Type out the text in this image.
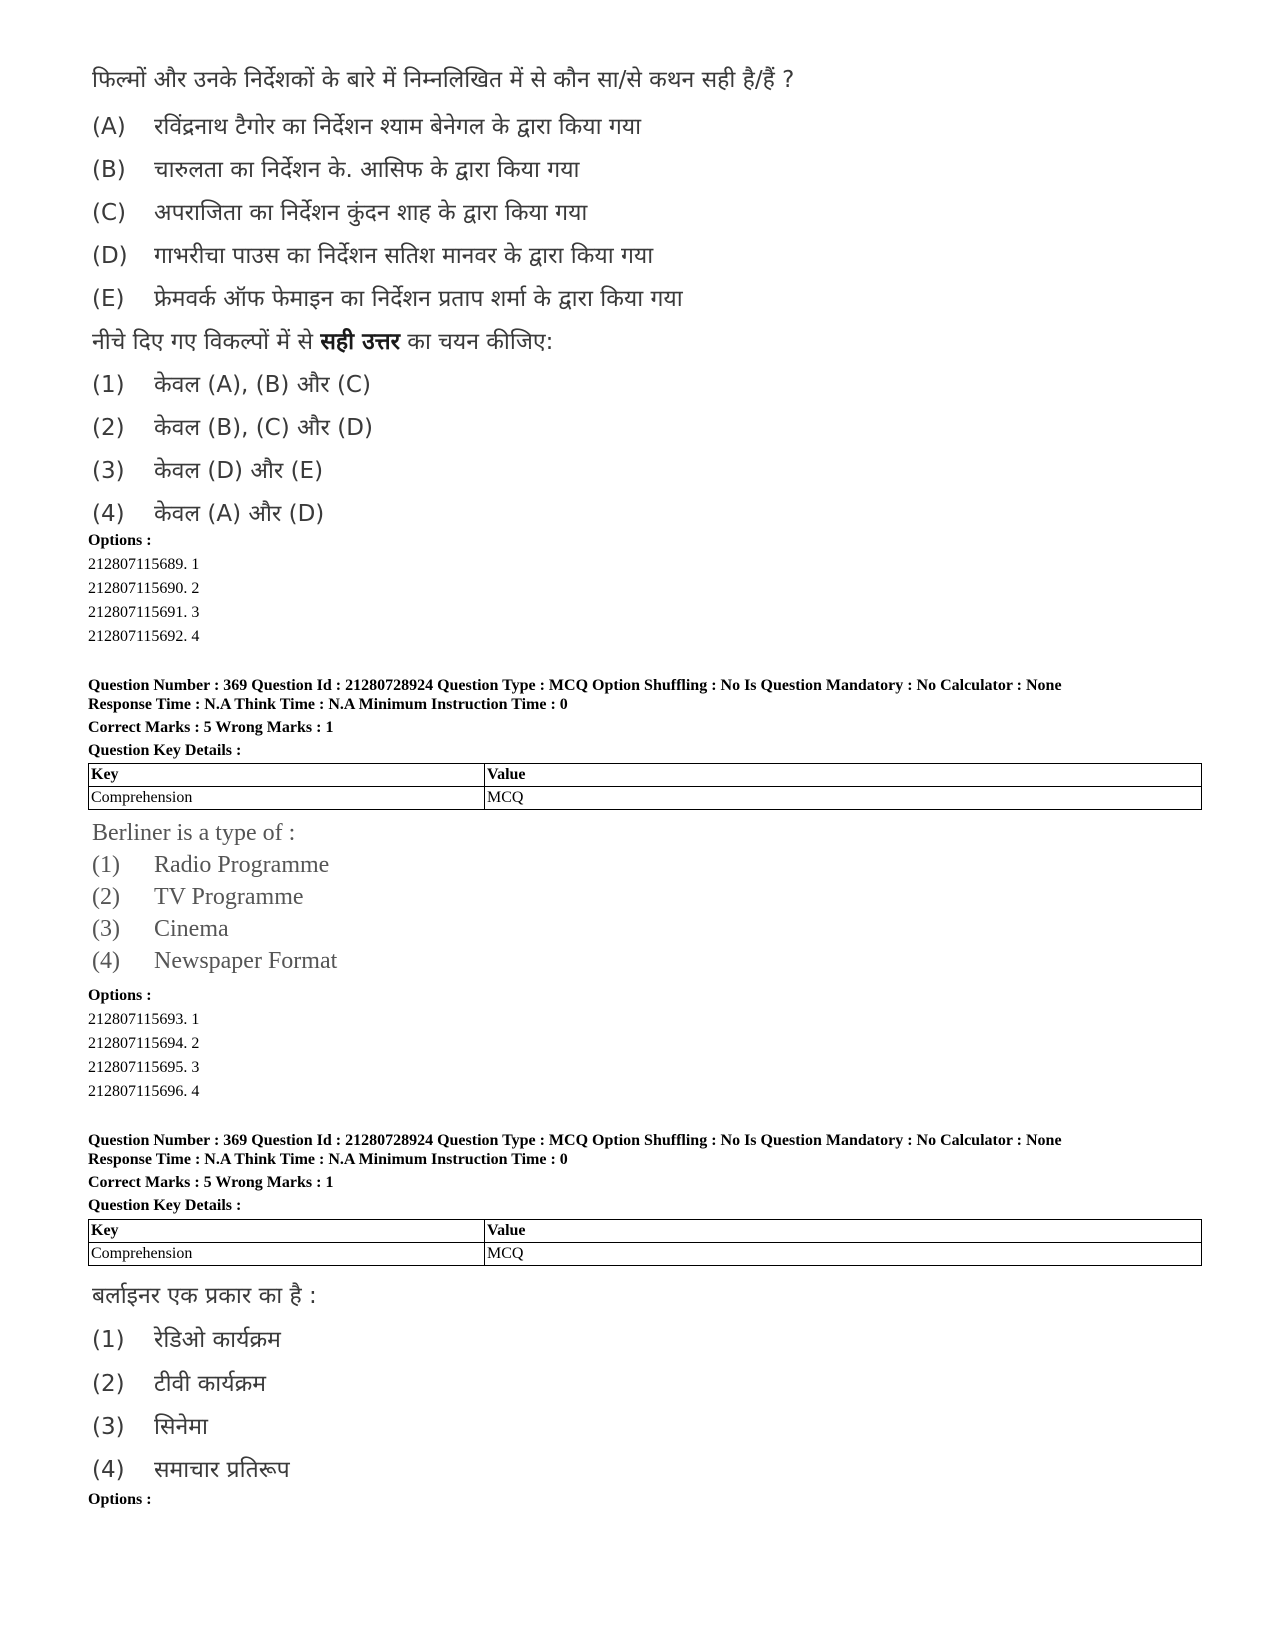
फिल्मों और उनके निर्देशकों के बारे में निम्नलिखित में से कौन सा/से कथन सही है/हैं ?
(A) रविंद्रनाथ टैगोर का निर्देशन श्याम बेनेगल के द्वारा किया गया
(B) चारुलता का निर्देशन के. आसिफ के द्वारा किया गया
(C) अपराजिता का निर्देशन कुंदन शाह के द्वारा किया गया
(D) गाभरीचा पाउस का निर्देशन सतिश मानवर के द्वारा किया गया
(E) फ्रेमवर्क ऑफ फेमाइन का निर्देशन प्रताप शर्मा के द्वारा किया गया
नीचे दिए गए विकल्पों में से सही उत्तर का चयन कीजिए:
(1) केवल (A), (B) और (C)
(2) केवल (B), (C) और (D)
(3) केवल (D) और (E)
(4) केवल (A) और (D)
Options :
212807115689. 1
212807115690. 2
212807115691. 3
212807115692. 4
Question Number : 369 Question Id : 21280728924 Question Type : MCQ Option Shuffling : No Is Question Mandatory : No Calculator : None
Response Time : N.A Think Time : N.A Minimum Instruction Time : 0
Correct Marks : 5 Wrong Marks : 1
Question Key Details :
Key	Value
Comprehension	MCQ
Berliner is a type of :
(1) Radio Programme
(2) TV Programme
(3) Cinema
(4) Newspaper Format
Options :
212807115693. 1
212807115694. 2
212807115695. 3
212807115696. 4
Question Number : 369 Question Id : 21280728924 Question Type : MCQ Option Shuffling : No Is Question Mandatory : No Calculator : None
Response Time : N.A Think Time : N.A Minimum Instruction Time : 0
Correct Marks : 5 Wrong Marks : 1
Question Key Details :
Key	Value
Comprehension	MCQ
बर्लाइनर एक प्रकार का है :
(1) रेडिओ कार्यक्रम
(2) टीवी कार्यक्रम
(3) सिनेमा
(4) समाचार प्रतिरूप
Options :
